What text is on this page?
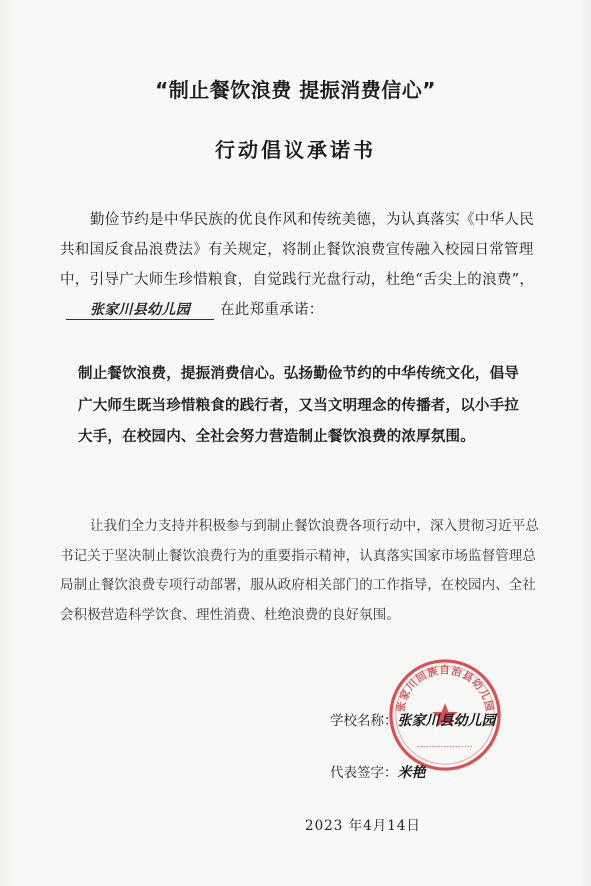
“制止餐饮浪费 提振消费信心”
行动倡议承诺书
勤俭节约是中华民族的优良作风和传统美德，为认真落实《中华人民共和国反食品浪费法》有关规定，将制止餐饮浪费宣传融入校园日常管理中，引导广大师生珍惜粮食，自觉践行光盘行动，杜绝“舌尖上的浪费”，张家川县幼儿园 在此郑重承诺：
制止餐饮浪费，提振消费信心。弘扬勤俭节约的中华传统文化，倡导广大师生既当珍惜粮食的践行者，又当文明理念的传播者，以小手拉大手，在校园内、全社会努力营造制止餐饮浪费的浓厚氛围。
让我们全力支持并积极参与到制止餐饮浪费各项行动中，深入贯彻习近平总书记关于坚决制止餐饮浪费行为的重要指示精神，认真落实国家市场监督管理总局制止餐饮浪费专项行动部署，服从政府相关部门的工作指导，在校园内、全社会积极营造科学饮食、理性消费、杜绝浪费的良好氛围。
张家川回族自治县幼儿园
学校名称：张家川县幼儿园
代表签字：米艳
2023 年4月14日
